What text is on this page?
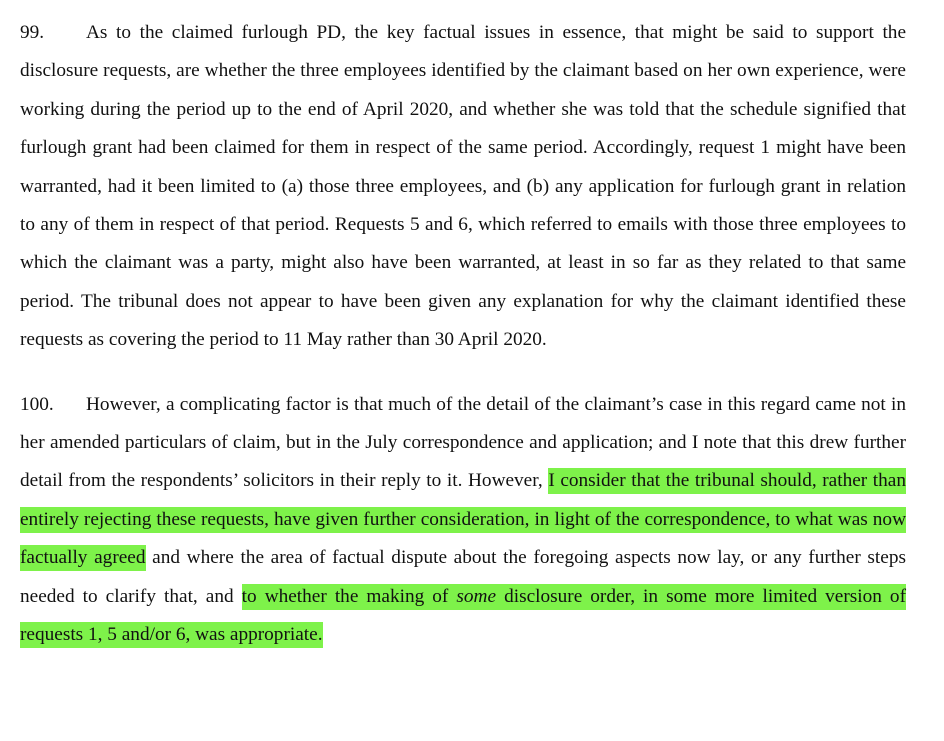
99. As to the claimed furlough PD, the key factual issues in essence, that might be said to support the disclosure requests, are whether the three employees identified by the claimant based on her own experience, were working during the period up to the end of April 2020, and whether she was told that the schedule signified that furlough grant had been claimed for them in respect of the same period. Accordingly, request 1 might have been warranted, had it been limited to (a) those three employees, and (b) any application for furlough grant in relation to any of them in respect of that period. Requests 5 and 6, which referred to emails with those three employees to which the claimant was a party, might also have been warranted, at least in so far as they related to that same period. The tribunal does not appear to have been given any explanation for why the claimant identified these requests as covering the period to 11 May rather than 30 April 2020.

100. However, a complicating factor is that much of the detail of the claimant’s case in this regard came not in her amended particulars of claim, but in the July correspondence and application; and I note that this drew further detail from the respondents’ solicitors in their reply to it. However, I consider that the tribunal should, rather than entirely rejecting these requests, have given further consideration, in light of the correspondence, to what was now factually agreed and where the area of factual dispute about the foregoing aspects now lay, or any further steps needed to clarify that, and to whether the making of some disclosure order, in some more limited version of requests 1, 5 and/or 6, was appropriate.
